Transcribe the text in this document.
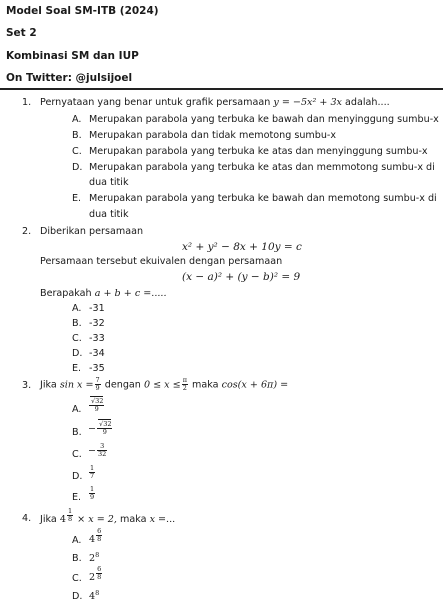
Model Soal SM-ITB (2024)
Set 2
Kombinasi SM dan IUP
On Twitter: @julsijoel
1. Pernyataan yang benar untuk grafik persamaan y = −5x² + 3x adalah....
A. Merupakan parabola yang terbuka ke bawah dan menyinggung sumbu-x
B. Merupakan parabola dan tidak memotong sumbu-x
C. Merupakan parabola yang terbuka ke atas dan menyinggung sumbu-x
D. Merupakan parabola yang terbuka ke atas dan memmotong sumbu-x di
dua titik
E. Merupakan parabola yang terbuka ke bawah dan memotong sumbu-x di
dua titik
2. Diberikan persamaan
x² + y² − 8x + 10y = c
Persamaan tersebut ekuivalen dengan persamaan
(x − a)² + (y − b)² = 9
Berapakah a + b + c =.....
A. -31
B. -32
C. -33
D. -34
E. -35
3. Jika $\sin x = \frac{7}{9}$ dengan $0 \le x \le \frac{\pi}{2}$ maka cos(x + 6π) =
A. $\frac{√32}{9}$
B. − $\frac{√32}{9}$
C. − $\frac{3}{32}$
D. $\frac{1}{7}$
E. $\frac{1}{9}$
4. Jika 4 $^{\frac{1}{8}}$ × x = 2, maka x =...
A. 4 $^{\frac{6}{8}}$
B. $2^8$
C. 2 $^{\frac{6}{8}}$
D. $4^8$
